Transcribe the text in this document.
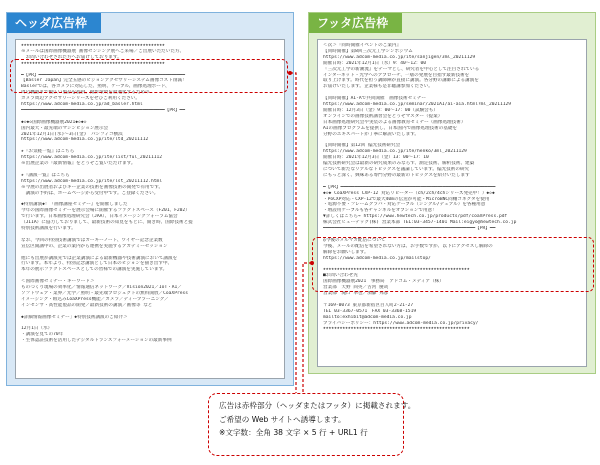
ヘッダ広告枠
★★★★★★★★★★★★★★★★★★★★★★★★★★★★★★★★★★★★★★★★★★★★★★★★★★★★
※メールは国際画像機器展 画像センシング展へご来場／ご出展いただいた方、
　お問い合わせされた方へお届けしております。
★★★★★★★★★★★★★★★★★★★★★★★★★★★★★★★★★★★★★★★★★★★★★★★★★★★★
━【PR】━━━━━━━━━━━━━━━━━━━━━━━━━━━━━━━━━━━━━━━━━━━━━━━━━━━━━
【Basler Japan】完全五感のビジョンアクセサリーシステム画像コスト削減！
Baslerでは、各カメラに対応した、照明、ケーブル、画像処理ボード、
周辺機器まで幅広い製品を提供。撮影環境を最適化するための
カメラ周辺アクセサリーシリーズをぜひご利用ください。
https://www.adcom-media.co.jp/ad_basler.html
━━━━━━━━━━━━━━━━━━━━━━━━━━━━━━━━━━━━━━━━━━━━━━━━━━━━【PR】━━
◆◇◆◇国際画像機器展2021◆◇◆◇
国内最大・最先端のマシンビジョン展示会
2021年12月1日(水)～3日(金)　パシフィコ横浜
https://www.adcom-media.co.jp/ite/ltd_20211112
★『お気軽一覧』はこちら
https://www.adcom-media.co.jp/ite/list/ful_20211112
※出展企業の『最新情報』をどうぞご覧いただけます。
★『講演一覧』はこちら
https://www.adcom-media.co.jp/ite/lst_20211112.html
※今展の出展者およびキー企業の技術を画像技術の開発で有用です。
　講演の予約は、ホームページから受付中です。ご登録ください。
◆特別講演◆！『画像講座セミナー』を開催しました
今年の国際画像セミナーを展示会場に開催するファクトスペース（F201、F202）
で行います。日本画像処理研究会（JAA）、日本イメージングフォーラム協会
（JIIA）に協力しておりまして、最新技術の知見をもとに、開き時、国際技術と提
特別技術講演を行います。
なお、今回の特別技術講演ではカーキーノート、ワイヤー記念企業数
宣伝区開講中の、企業の案内から連携を実施するアカデミーセッション
他にも出展が講演先では企業講演による最新機器や技術講演において講演を
行います。本年より、特別記念講演として日本のビジョンを描き出す中、
本年の展示ファクトスペースとしての皆様での講演を実施しています。
＜国際画像セミナー・キーワード＞
ものづくり現場の効率化／情報通信ネットワーク／Vision2021／IoT・AI／
ソフトウェア・業界／光学／照明・最先端プロジェクトの無料開放／CoaXPress
イメージング・組込みCoaXPress機能／カメラ／ディープラーニング／
インセンサ・高性能製品の開発／最新技術の講演／画像等 など
◆詳細情報画像セミナー」◆特別技術講演のご紹介＞
12月1日（水）
・講演を見ての70年
・生体認証技術を活用したデジタルトランスフォーメーションの最新事例
フッタ広告枠
＜次＞『同時開催イベントのご案内』
【同時開催】第8回三次元工学シンポジウム
https://www.adcom-media.co.jp/ite/sanjigen/3ml_20211129
開催日時：2021年12月1日（水）9：40～12：00
『三次元工学の新潮流』をテーマとし、研究者を中心として注目されている
インターネット・光学へのアプローチ、一層の発展を目指す最新技術を
取り上げます。時代を担う講師陣が直接に講演。各分野の講師による講演を
お届けいたします。企業様も是非聴講参加ください。
【同時開催】AI-Aで共同開催　画像技術セミナー
https://www.adcom-media.co.jp/seminar/2021AI/ai-aia.html?ml_20211129
開催日時：12月3日（金）9：00～17：00（試験会も）
オンラインでの画像技術講習会をどうぞマスター（提案）
日本画像処理研究会や実装のよる画像教育セミナー（画像処理技術）
AIの画像プログラムを提供し、日本国内で画像処理技術の基礎を
分野のエキスパートが丁寧に解説いたします。
【同時開催】第12回 偏光技術研究会
https://www.adcom-media.co.jp/ite/henko/3ml_20211129
開催日時：2021年12月3日（金）13：00～17：10
偏光技術研究会は最新の研究成果のみならず、測定技術、解析技術、建築
について新たなリアルなトピックスを議論しています。偏光技術の研究
にもっと深く、興味ある専門分野の最新のトピックスを紹介いたします
━【PR】━━━━━━━━━━━━━━━━━━━━━━━━━━━━━━━━━━━━━━━━━━━━━━━━━━━━━━━━
◆◇◆ CoaXPress CXP-12 対応リピーター（ch/2ch/4chシリーズ発売中！）◆◇◆
・PoCXP対応・CXP-12で最大40mの伝送が可能・MicroBNC同軸コネクタを使用
・電源不要・フレームグラバ・対応ケーブル（シングル/デュアル）を各種用意
・増設用ケーブルも各チャンネルをオプションで用意！
▼詳しくはこちら→ https://www.hewtech.co.jp/products/pdf/coaXPress.pdf
株式会社ヒューテック(株) 営業本部 TEL:03-3457-1401 Mail:eigyo@hewtech.co.jp
━━━━━━━━━━━━━━━━━━━━━━━━━━━━━━━━━━━━━━━━━━━━━━━━━━━━━━━【PR】━━
◎今後のメルマガ配信について
今後、メールの配信を希望されない方は、お手数ですが、以下にアクセスし解除の
解除をお願いします。
https://www.adcom-media.co.jp/mailstop/
★★★★★★★★★★★★★★★★★★★★★★★★★★★★★★★★★★★★★★★★★★★★★★★★★★★★★
■お問い合わせ先
国際画像機器展2021　事務局　アドコム・メディア（株）
営業部　天野 尚英／古河 慶哉
営業部　滝口 準也／加藤 邦彦
〒169-0073 東京都新宿区百人町2-21-27
TEL 03-3367-0571　FAX 03-3368-1519
mailto:exhibit@adcom-media.co.jp
プライバシーポリシー：https://www.adcom-media.co.jp/privacy/
★★★★★★★★★★★★★★★★★★★★★★★★★★★★★★★★★★★★★★★★★★★★★★★★★★★★★
広告は赤枠部分（ヘッダまたはフッタ）に掲載されます。
ご希望の Web サイトへ誘導します。
※文字数：全角 38 文字 × 5 行 + URL1 行
